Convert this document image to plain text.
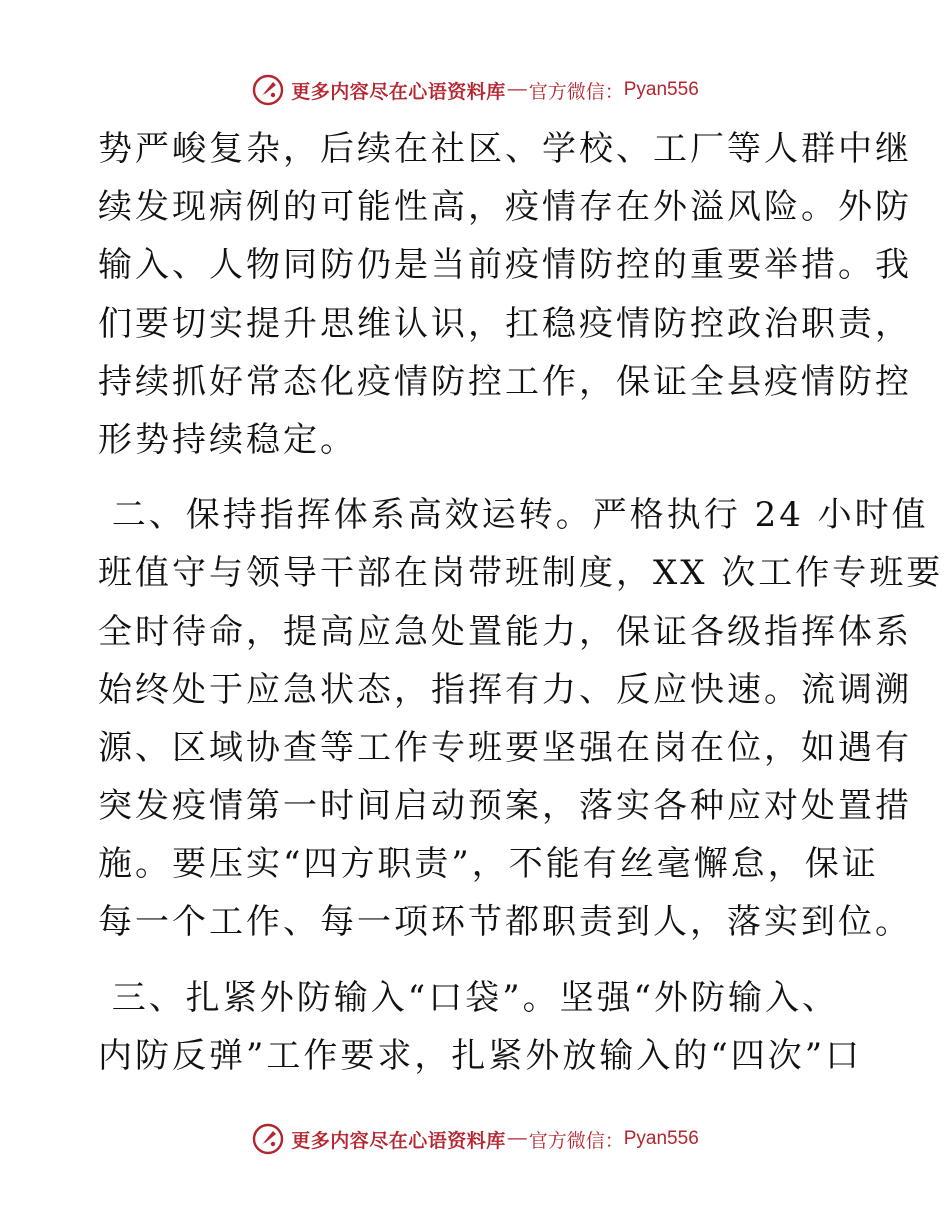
更多内容尽在心语资料库 — 官方微信： Pyan556
势严峻复杂，后续在社区、学校、工厂等人群中继
续发现病例的可能性高，疫情存在外溢风险。外防
输入、人物同防仍是当前疫情防控的重要举措。我
们要切实提升思维认识，扛稳疫情防控政治职责，
持续抓好常态化疫情防控工作，保证全县疫情防控
形势持续稳定。
二、保持指挥体系高效运转。严格执行 24 小时值
班值守与领导干部在岗带班制度，XX 次工作专班要
全时待命，提高应急处置能力，保证各级指挥体系
始终处于应急状态，指挥有力、反应快速。流调溯
源、区域协查等工作专班要坚强在岗在位，如遇有
突发疫情第一时间启动预案，落实各种应对处置措
施。要压实“四方职责”，不能有丝毫懈怠，保证
每一个工作、每一项环节都职责到人，落实到位。
三、扎紧外防输入“口袋”。坚强“外防输入、
内防反弹”工作要求，扎紧外放输入的“四次”口
更多内容尽在心语资料库 — 官方微信： Pyan556
